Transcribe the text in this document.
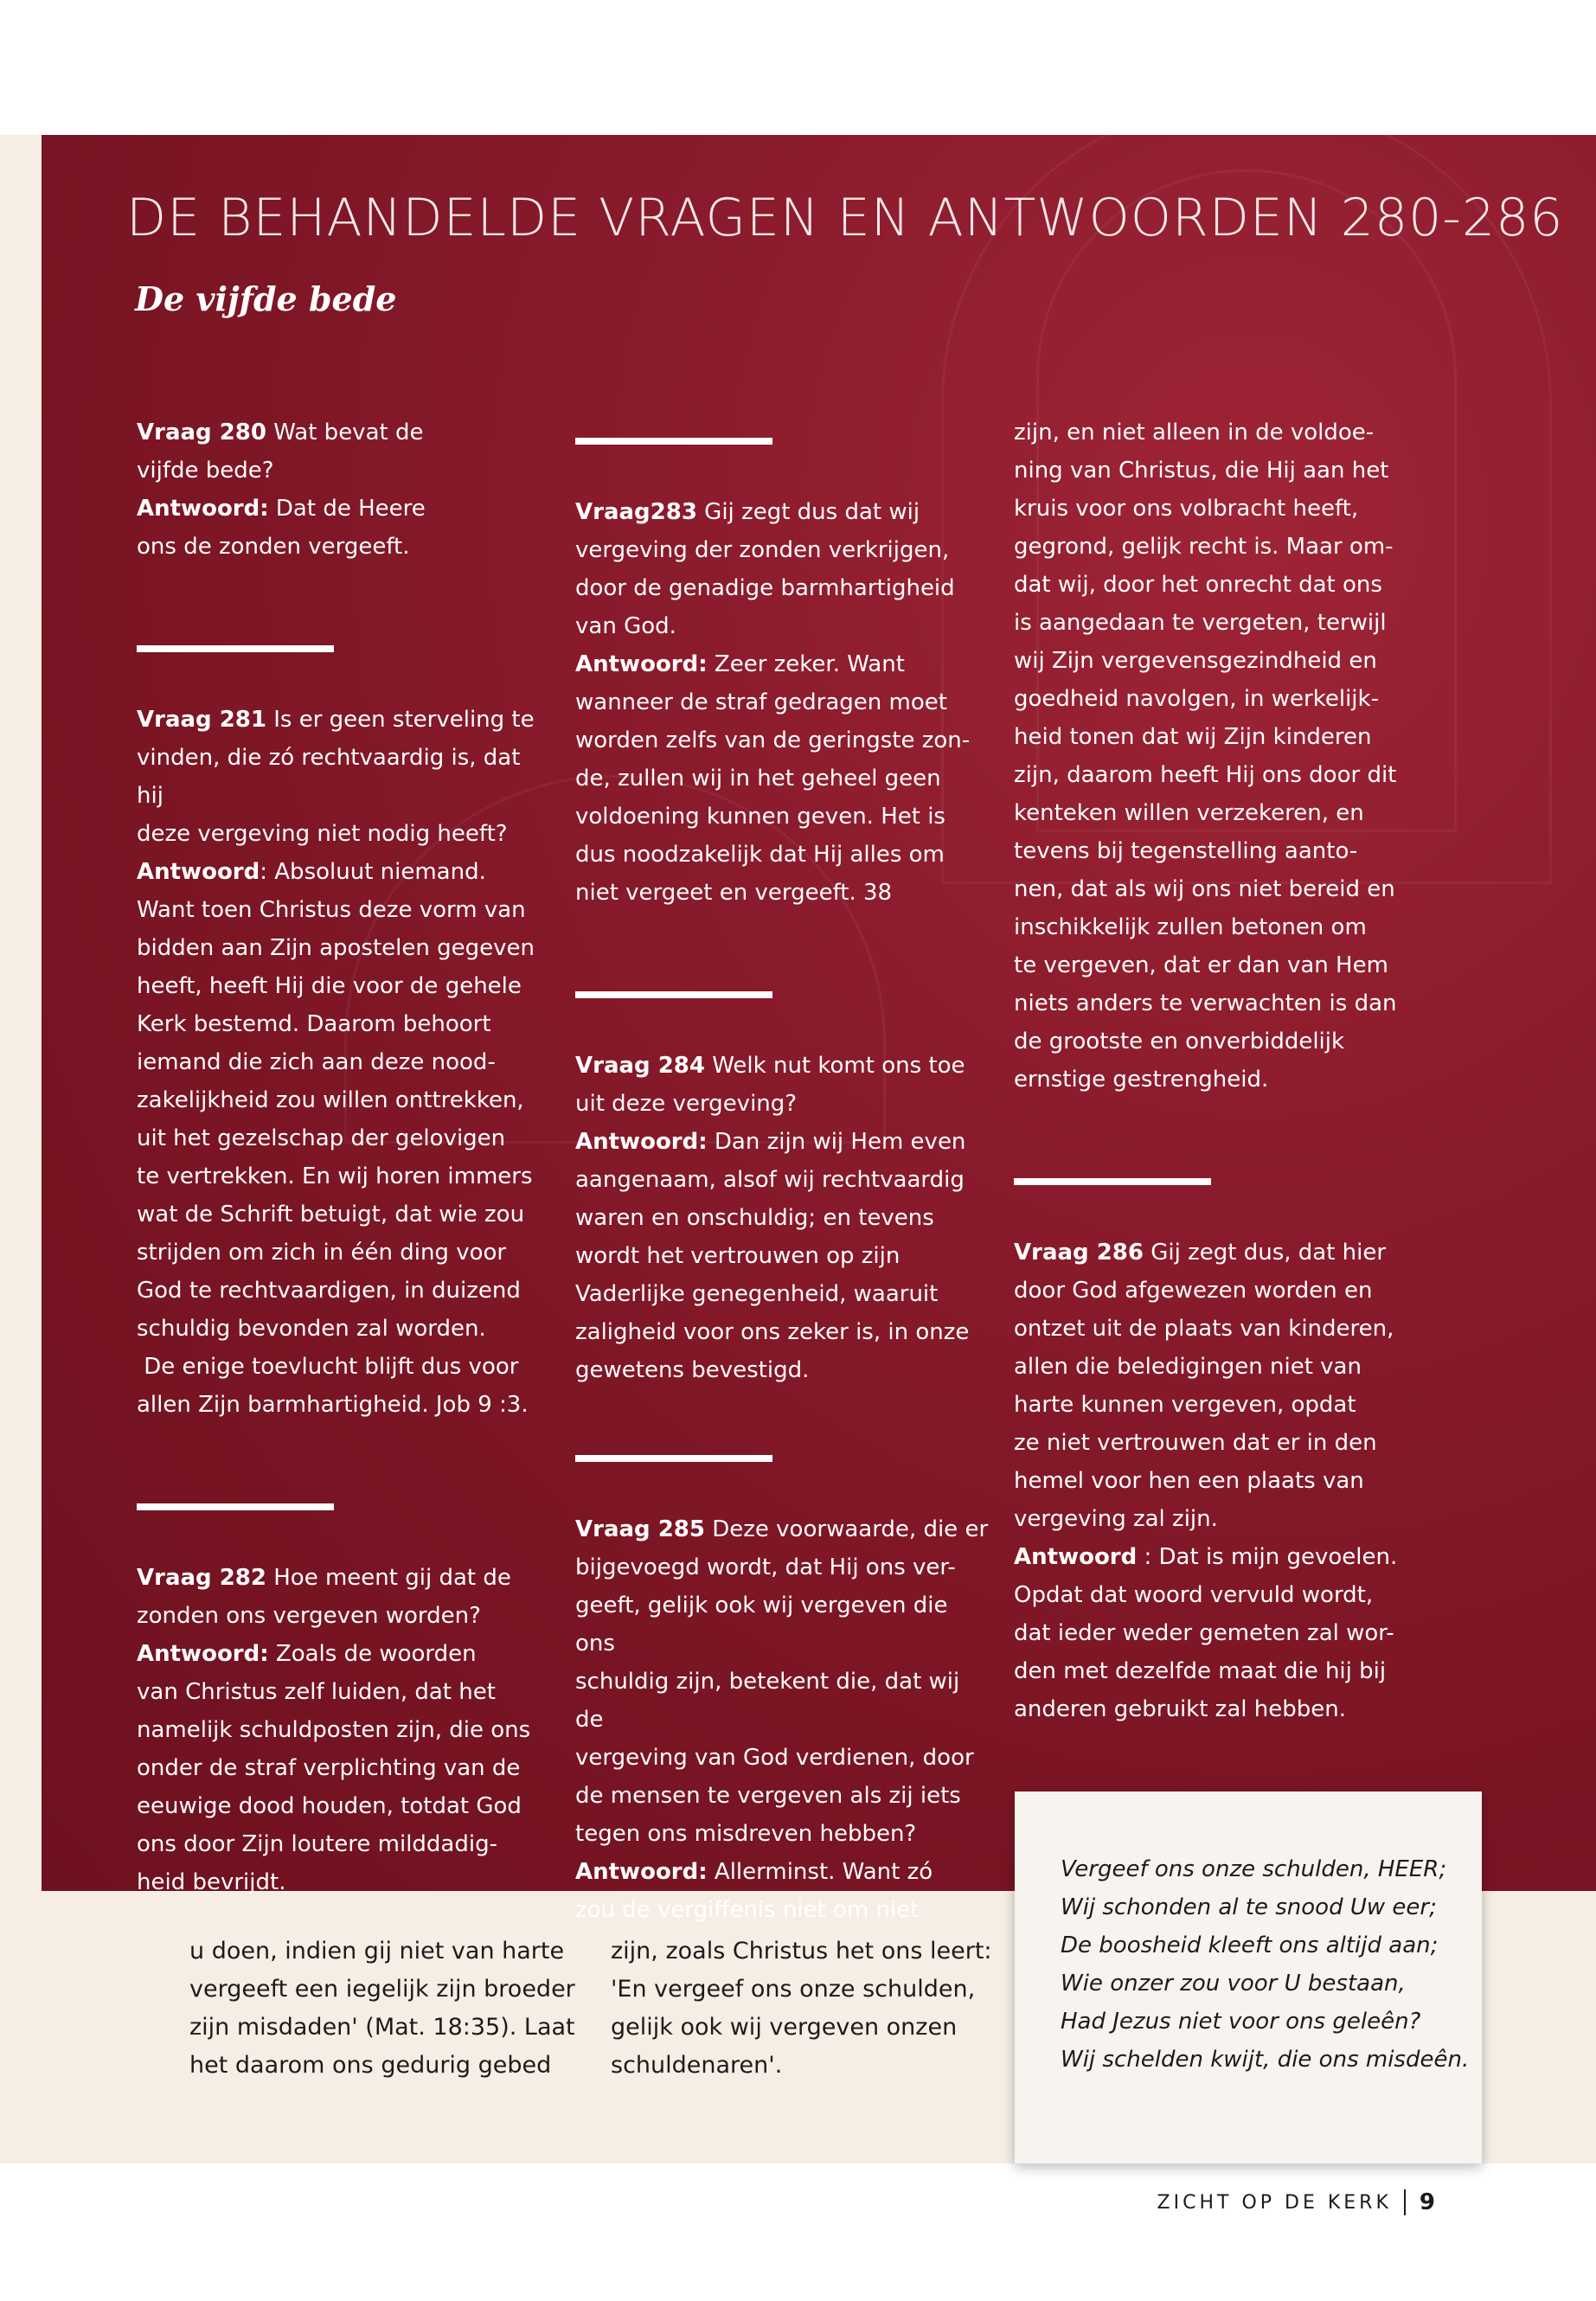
DE BEHANDELDE VRAGEN EN ANTWOORDEN 280-286
De vijfde bede

Vraag 280 Wat bevat de

vijfde bede?

Antwoord: Dat de Heere

ons de zonden vergeeft.

Vraag 281 Is er geen sterveling te

vinden, die zó rechtvaardig is, dat hij

deze vergeving niet nodig heeft?

Antwoord: Absoluut niemand.

Want toen Christus deze vorm van

bidden aan Zijn apostelen gegeven

heeft, heeft Hij die voor de gehele

Kerk bestemd. Daarom behoort

iemand die zich aan deze nood-

zakelijkheid zou willen onttrekken,

uit het gezelschap der gelovigen

te vertrekken. En wij horen immers

wat de Schrift betuigt, dat wie zou

strijden om zich in één ding voor

God te rechtvaardigen, in duizend

schuldig bevonden zal worden.

De enige toevlucht blijft dus voor

allen Zijn barmhartigheid. Job 9 :3.

Vraag 282 Hoe meent gij dat de

zonden ons vergeven worden?

Antwoord: Zoals de woorden

van Christus zelf luiden, dat het

namelijk schuldposten zijn, die ons

onder de straf verplichting van de

eeuwige dood houden, totdat God

ons door Zijn loutere milddadig-

heid bevrijdt.

Vraag283 Gij zegt dus dat wij

vergeving der zonden verkrijgen,

door de genadige barmhartigheid

van God.

Antwoord: Zeer zeker. Want

wanneer de straf gedragen moet

worden zelfs van de geringste zon-

de, zullen wij in het geheel geen

voldoening kunnen geven. Het is

dus noodzakelijk dat Hij alles om

niet vergeet en vergeeft. 38

Vraag 284 Welk nut komt ons toe

uit deze vergeving?

Antwoord: Dan zijn wij Hem even

aangenaam, alsof wij rechtvaardig

waren en onschuldig; en tevens

wordt het vertrouwen op zijn

Vaderlijke genegenheid, waaruit

zaligheid voor ons zeker is, in onze

gewetens bevestigd.

Vraag 285 Deze voorwaarde, die er

bijgevoegd wordt, dat Hij ons ver-

geeft, gelijk ook wij vergeven die ons

schuldig zijn, betekent die, dat wij de

vergeving van God verdienen, door

de mensen te vergeven als zij iets

tegen ons misdreven hebben?

Antwoord: Allerminst. Want zó

zou de vergiffenis niet om niet

zijn, en niet alleen in de voldoe-

ning van Christus, die Hij aan het

kruis voor ons volbracht heeft,

gegrond, gelijk recht is. Maar om-

dat wij, door het onrecht dat ons

is aangedaan te vergeten, terwijl

wij Zijn vergevensgezindheid en

goedheid navolgen, in werkelijk-

heid tonen dat wij Zijn kinderen

zijn, daarom heeft Hij ons door dit

kenteken willen verzekeren, en

tevens bij tegenstelling aanto-

nen, dat als wij ons niet bereid en

inschikkelijk zullen betonen om

te vergeven, dat er dan van Hem

niets anders te verwachten is dan

de grootste en onverbiddelijk

ernstige gestrengheid.

Vraag 286 Gij zegt dus, dat hier

door God afgewezen worden en

ontzet uit de plaats van kinderen,

allen die beledigingen niet van

harte kunnen vergeven, opdat

ze niet vertrouwen dat er in den

hemel voor hen een plaats van

vergeving zal zijn.

Antwoord : Dat is mijn gevoelen.

Opdat dat woord vervuld wordt,

dat ieder weder gemeten zal wor-

den met dezelfde maat die hij bij

anderen gebruikt zal hebben.

u doen, indien gij niet van harte

vergeeft een iegelijk zijn broeder

zijn misdaden' (Mat. 18:35). Laat

het daarom ons gedurig gebed

zijn, zoals Christus het ons leert:

'En vergeef ons onze schulden,

gelijk ook wij vergeven onzen

schuldenaren'.

Vergeef ons onze schulden, HEER;

Wij schonden al te snood Uw eer;

De boosheid kleeft ons altijd aan;

Wie onzer zou voor U bestaan,

Had Jezus niet voor ons geleên?

Wij schelden kwijt, die ons misdeên.

ZICHT OP DE KERK 9
